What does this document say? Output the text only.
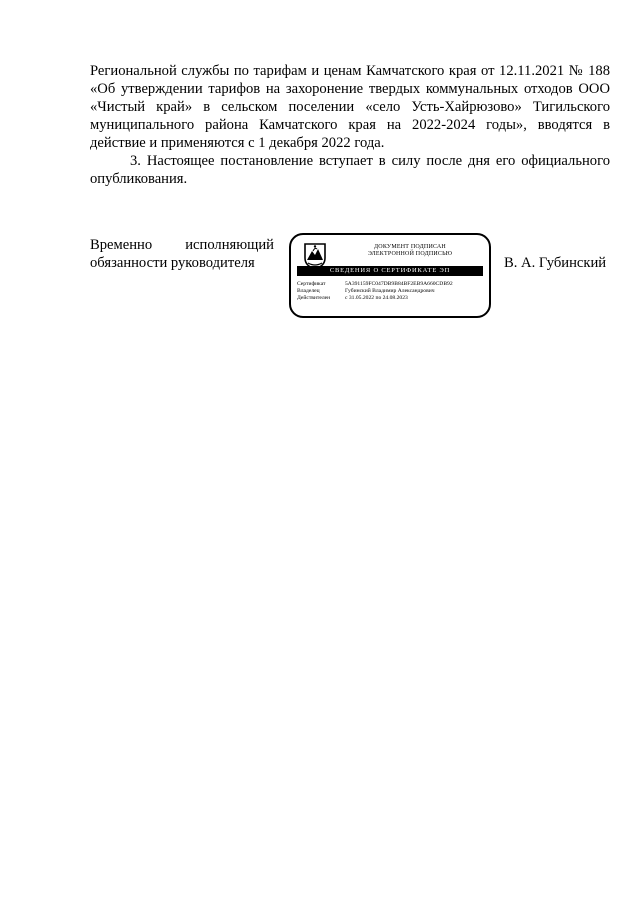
Региональной службы по тарифам и ценам Камчатского края от 12.11.2021 № 188 «Об утверждении тарифов на захоронение твердых коммунальных отходов ООО «Чистый край» в сельском поселении «село Усть-Хайрюзово» Тигильского муниципального района Камчатского края на 2022-2024 годы», вводятся в действие и применяются с 1 декабря 2022 года.

3. Настоящее постановление вступает в силу после дня его официального опубликования.

Временно исполняющий
обязанности руководителя
ДОКУМЕНТ ПОДПИСАН
ЭЛЕКТРОННОЙ ПОДПИСЬЮ
СВЕДЕНИЯ О СЕРТИФИКАТЕ ЭП
Сертификат	5A391159FC047DB9B84BF2EB9A660CDB92
Владелец	Губинский Владимир Александрович
Действителен	с 31.05.2022 по 24.08.2023
В. А. Губинский
